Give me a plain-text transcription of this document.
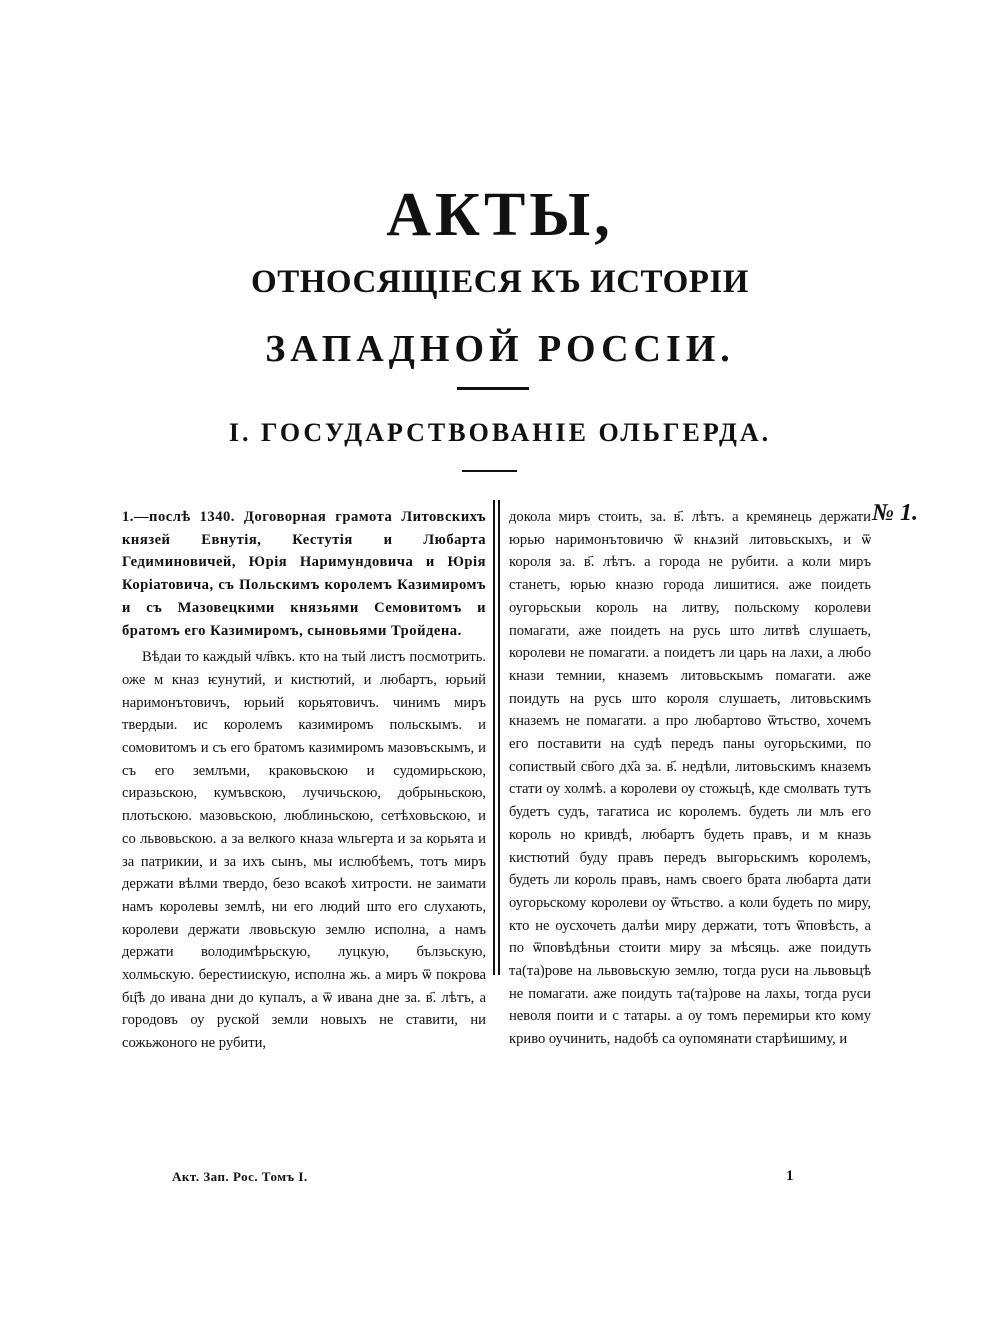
АКТЫ,
ОТНОСЯЩІЕСЯ КЪ ИСТОРІИ
ЗАПАДНОЙ РОССІИ.
I. ГОСУДАРСТВОВАНІЕ ОЛЬГЕРДА.

1.—послѣ 1340. Договорная грамота Литовскихъ князей Евнутія, Кестутія и Любарта Гедиминовичей, Юрія Наримундовича и Юрія Коріатовича, съ Польскимъ королемъ Казимиромъ и съ Мазовецкими князьями Семовитомъ и братомъ его Казимиромъ, сыновьями Тройдена.

Вѣдаи то каждый чл҃вкъ. кто на тый листъ посмотрить. оже м кназ ѥунутий, и кистютий, и любартъ, юрьий наримонътовичъ, юрьий корьятовичъ. чинимъ миръ твердыи. ис королемъ казимиромъ польскымъ. и сомовитомъ и съ его братомъ казимиромъ мазовъскымъ, и съ его землъми, краковьскою и судомирьскою, сиразьскою, кумъвскою, лучичьскою, добрыньскою, плотьскою. мазовьскою, люблиньскою, сетѣховьскою, и со львовьскою. а за велкого кназа ѡльгерта и за корьята и за патрикии, и за ихъ сынъ, мы ислюбѣемъ, тотъ миръ держати вѣлми твердо, безо всакоѣ хитрости. не заимати намъ королевы землѣ, ни его людий што его слухають, королеви держати лвовьскую землю исполна, а намъ держати володимѣрьскую, луцкую, бълзьскую, холмьскую. берестиискую, исполна жь. а миръ ѿ покрова бц҃ѣ до ивана дни до купалъ, а ѿ ивана дне за. в҃. лѣтъ, а городовъ оу руской земли новыхъ не ставити, ни сожьжоного не рубити,

докола миръ стоить, за. в҃. лѣтъ. а кремянець держати юрью наримонътовичю ѿ кнѧзий литовьскыхъ, и ѿ короля за. в҃. лѣтъ. а города не рубити. а коли миръ станетъ, юрью кназю города лишитися. аже поидеть оугорьскыи король на литву, польскому королеви помагати, аже поидеть на русь што литвѣ слушаеть, королеви не помагати. а поидетъ ли царь на лахи, а любо кнази темнии, кназемъ литовьскымъ помагати. аже поидуть на русь што короля слушаеть, литовьскимъ кназемъ не помагати. а про любартово ѿтьство, хочемъ его поставити на судѣ передъ паны оугорьскими, по сопиствый св҃ого дх҃а за. в҃. недѣли, литовьскимъ кназемъ стати оу холмѣ. а королеви оу стожьцѣ, кде смолвать тутъ будетъ судъ, тагатиса ис королемъ. будеть ли млъ его король но кривдѣ, любартъ будеть правъ, и м кназь кистютий буду правъ передъ выгорьскимъ королемъ, будеть ли король правъ, намъ своего брата любарта дати оугорьскому королеви оу ѿтьство. а коли будеть по миру, кто не оусхочеть далѣи миру держати, тотъ ѿповѣсть, а по ѿповѣдѣньи стоити миру за мѣсяць. аже поидуть та(та)рове на львовьскую землю, тогда руси на львовьцѣ не помагати. аже поидуть та(та)рове на лахы, тогда руси неволя поити и с татары. а оу томъ перемирьи кто кому криво оучинить, надобѣ са оупомянати старѣишиму, и

№ 1.
Акт. Зап. Рос. Томъ I.	1
